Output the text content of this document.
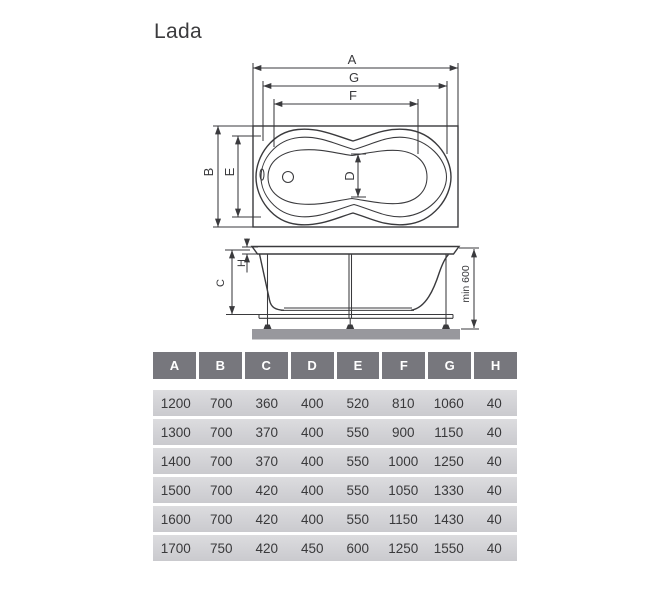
Lada
A
G
F
B E	D
H
C	min 600
A	B	C	D	E	F	G	H
1200	700	360	400	520	810	1060	40
1300	700	370	400	550	900	1150	40
1400	700	370	400	550	1000	1250	40
1500	700	420	400	550	1050	1330	40
1600	700	420	400	550	1150	1430	40
1700	750	420	450	600	1250	1550	40
